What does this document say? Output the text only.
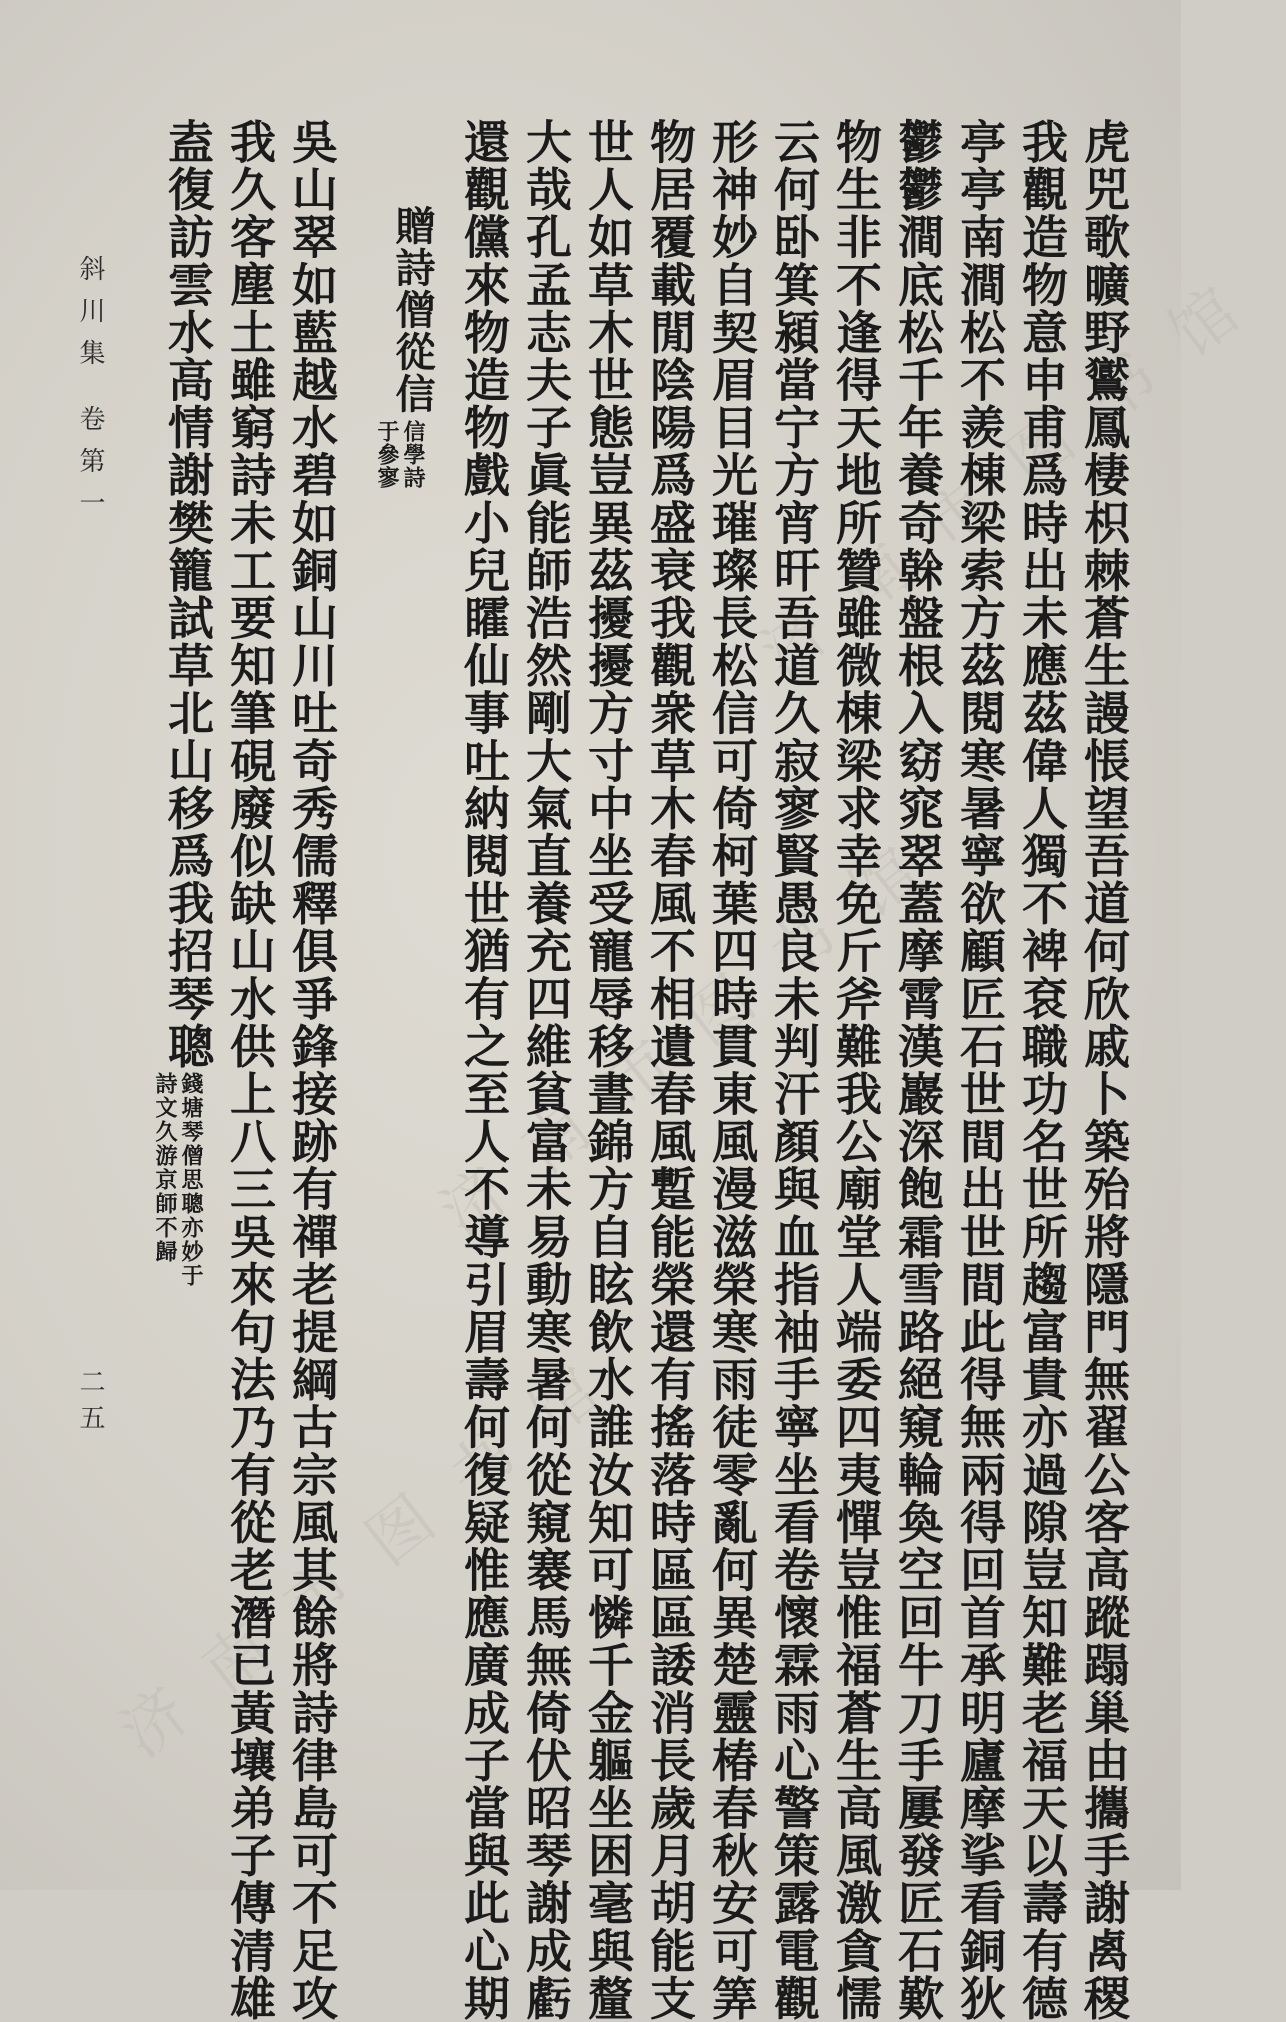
济南市图书馆
济南市图书馆
济南市图书馆
虎兕歌曠野鸑鳳棲枳棘蒼生謾悵望吾道何欣戚卜築殆將隱門無翟公客高蹤蹋巢由攜手謝禼稷
我觀造物意申甫爲時出未應茲偉人獨不裨袞職功名世所趨富貴亦過隙豈知難老福天以壽有德
亭亭南澗松不羨棟梁索方茲閱寒暑寧欲顧匠石世間出世間此得無兩得回首承明廬摩挲看銅狄
鬱鬱澗底松千年養奇榦盤根入窈窕翠蓋摩霄漢巖深飽霜雪路絕窺輪奐空回牛刀手屢發匠石歎
物生非不逢得天地所贊雖微棟梁求幸免斤斧難我公廟堂人端委四夷憚豈惟福蒼生高風激貪懦
云何卧箕潁當宁方宵旰吾道久寂寥賢愚良未判汗顏與血指袖手寧坐看卷懷霖雨心警策露電觀
形神妙自契眉目光璀璨長松信可倚柯葉四時貫東風漫滋榮寒雨徒零亂何異楚靈椿春秋安可筭
物居覆載閒陰陽爲盛衰我觀衆草木春風不相遺春風蹔能榮還有搖落時區區諉消長歲月胡能支
世人如草木世態豈異茲擾擾方寸中坐受寵辱移晝錦方自眩飲水誰汝知可憐千金軀坐困毫與釐
大哉孔孟志夫子眞能師浩然剛大氣直養充四維貧富未易動寒暑何從窺褰馬無倚伏昭琴謝成虧
還觀儻來物造物戲小兒矐仙事吐納閱世猶有之至人不導引眉壽何復疑惟應廣成子當與此心期
贈詩僧從信
信學詩
于參寥
吳山翠如藍越水碧如銅山川吐奇秀儒釋俱爭鋒接跡有禪老提綱古宗風其餘將詩律島可不足攻
我久客塵土雖窮詩未工要知筆硯廢似缺山水供上八三吳來句法乃有從老潛已黃壤弟子傳清雄
盍復訪雲水高情謝樊籠試草北山移爲我招琴聰
錢塘琴僧思聰亦妙于
詩文久游京師不歸
斜川集
卷第一
二五
